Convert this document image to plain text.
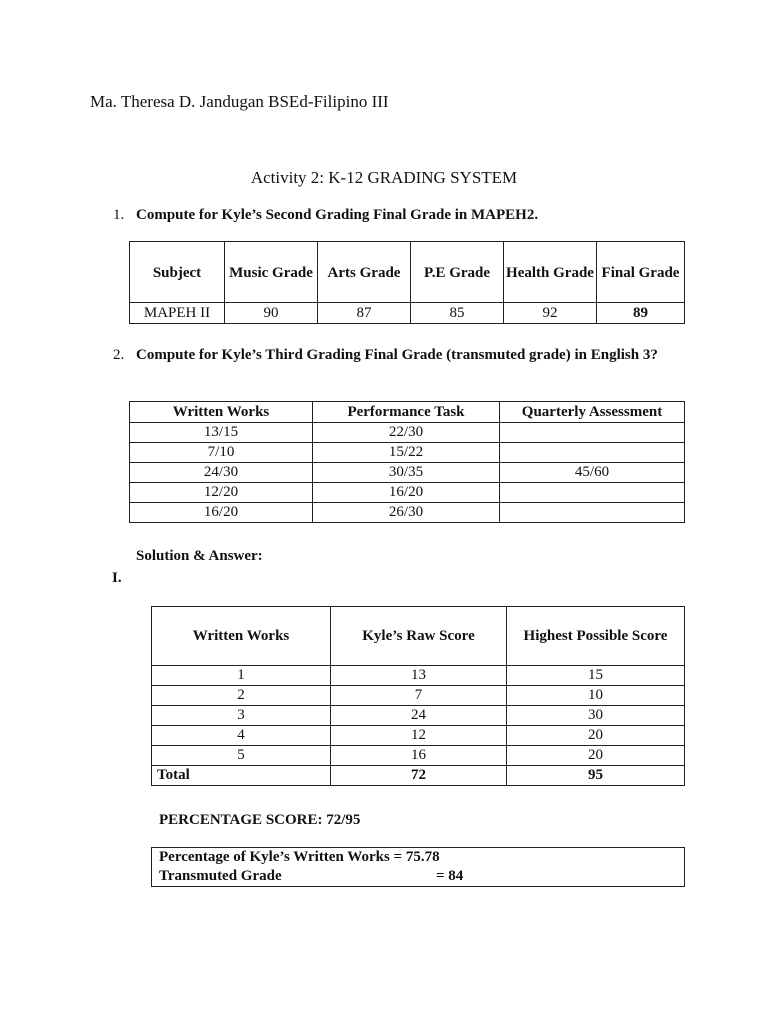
Ma. Theresa D. Jandugan BSEd-Filipino III
Activity 2: K-12 GRADING SYSTEM
1. Compute for Kyle’s Second Grading Final Grade in MAPEH2.
Subject	Music Grade	Arts Grade	P.E Grade	Health Grade	Final Grade
MAPEH II	90	87	85	92	89
2. Compute for Kyle’s Third Grading Final Grade (transmuted grade) in English 3?
Written Works	Performance Task	Quarterly Assessment
13/15	22/30	
7/10	15/22	
24/30	30/35	45/60
12/20	16/20	
16/20	26/30	
Solution & Answer:
I.
Written Works	Kyle’s Raw Score	Highest Possible Score
1	13	15
2	7	10
3	24	30
4	12	20
5	16	20
Total	72	95
PERCENTAGE SCORE: 72/95
Percentage of Kyle’s Written Works = 75.78
Transmuted Grade	= 84
